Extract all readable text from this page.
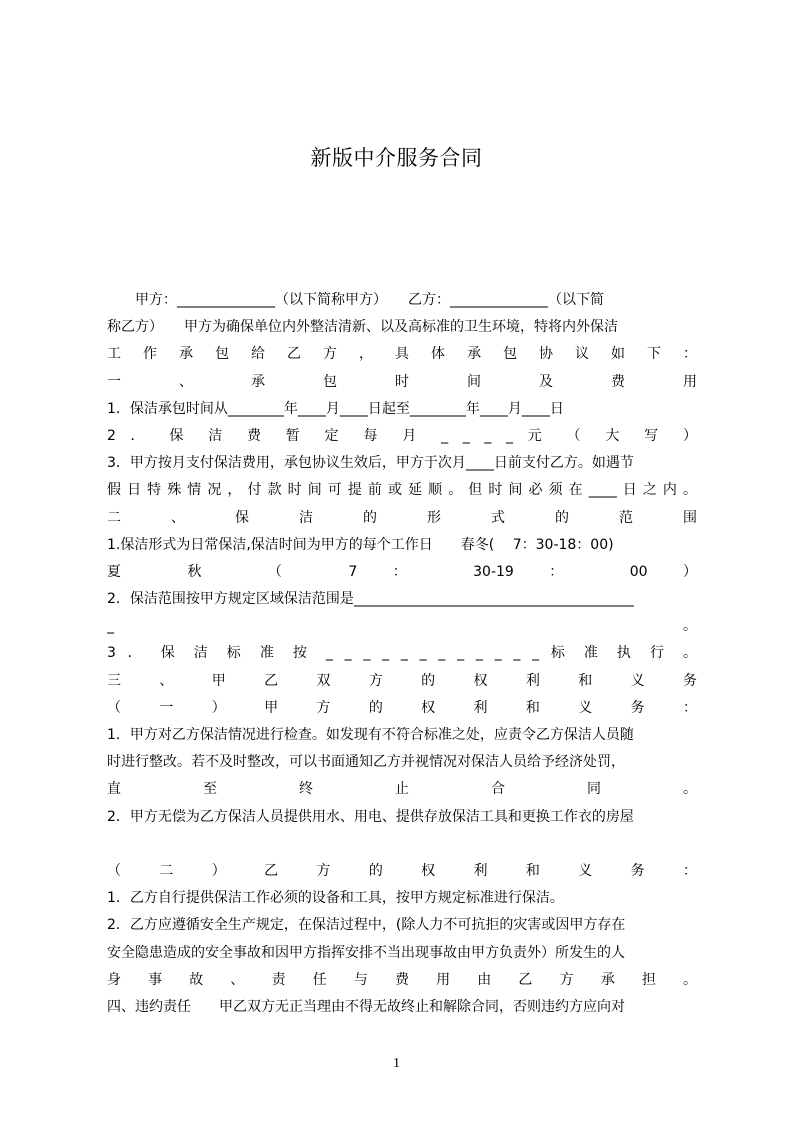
新版中介服务合同
　　甲方：______________（以下简称甲方）　　乙方：______________（以下简
称乙方）　　甲方为确保单位内外整洁清新、以及高标准的卫生环境，特将内外保洁
工 作 承 包 给 乙 方 ， 具 体 承 包 协 议 如 下 ：
一 、 承 包 时 间 及 费 用
1．保洁承包时间从________年____月____日起至________年____月____日
2 ． 保 洁 费 暂 定 每 月 _ _ _ _ 元 （ 大 写 ）
3．甲方按月支付保洁费用，承包协议生效后，甲方于次月____日前支付乙方。如遇节
假日特殊情况，付款时间可提前或延顺。但时间必须在____日之内。
二 、 保 洁 的 形 式 的 范 围
1.保洁形式为日常保洁,保洁时间为甲方的每个工作日　　春冬(　 7：30-18：00)
夏 秋 （ 7 ： 30-19 ： 00 ）
2．保洁范围按甲方规定区域保洁范围是________________________________________
_ 。
3 ． 保 洁 标 准 按 _ _ _ _ _ _ _ _ _ _ _ _ 标 准 执 行 。
三 、 甲 乙 双 方 的 权 利 和 义 务
（ 一 ） 甲 方 的 权 利 和 义 务 ：
1．甲方对乙方保洁情况进行检查。如发现有不符合标准之处，应责令乙方保洁人员随
时进行整改。若不及时整改，可以书面通知乙方并视情况对保洁人员给予经济处罚，
直 至 终 止 合 同 。
2．甲方无偿为乙方保洁人员提供用水、用电、提供存放保洁工具和更换工作衣的房屋
（ 二 ） 乙 方 的 权 利 和 义 务 ：
1．乙方自行提供保洁工作必须的设备和工具，按甲方规定标准进行保洁。
2．乙方应遵循安全生产规定，在保洁过程中，(除人力不可抗拒的灾害或因甲方存在
安全隐患造成的安全事故和因甲方指挥安排不当出现事故由甲方负责外）所发生的人
身 事 故 、 责 任 与 费 用 由 乙 方 承 担 。
四、违约责任　　甲乙双方无正当理由不得无故终止和解除合同，否则违约方应向对
1
